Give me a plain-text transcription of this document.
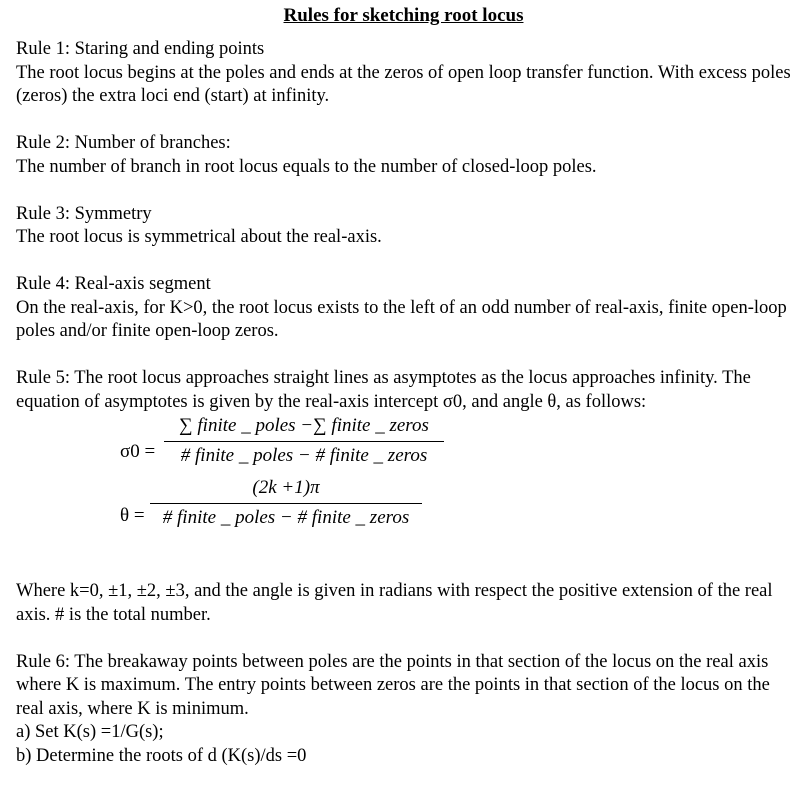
Rules for sketching root locus

Rule 1: Staring and ending points

The root locus begins at the poles and ends at the zeros of open loop transfer function. With excess poles (zeros) the extra loci end (start) at infinity.

Rule 2: Number of branches:

The number of branch in root locus equals to the number of closed-loop poles.

Rule 3: Symmetry

The root locus is symmetrical about the real-axis.

Rule 4: Real-axis segment

On the real-axis, for K>0, the root locus exists to the left of an odd number of real-axis, finite open-loop poles and/or finite open-loop zeros.

Rule 5: The root locus approaches straight lines as asymptotes as the locus approaches infinity. The equation of asymptotes is given by the real-axis intercept σ0, and angle θ, as follows:

σ0 =
∑ finite _ poles −∑ finite _ zeros
# finite _ poles − # finite _ zeros
θ =
(2k +1)π
# finite _ poles − # finite _ zeros

Where k=0, ±1, ±2, ±3, and the angle is given in radians with respect the positive extension of the real axis. # is the total number.

Rule 6: The breakaway points between poles are the points in that section of the locus on the real axis where K is maximum. The entry points between zeros are the points in that section of the locus on the real axis, where K is minimum.

a) Set K(s) =1/G(s);

b) Determine the roots of d (K(s)/ds =0
